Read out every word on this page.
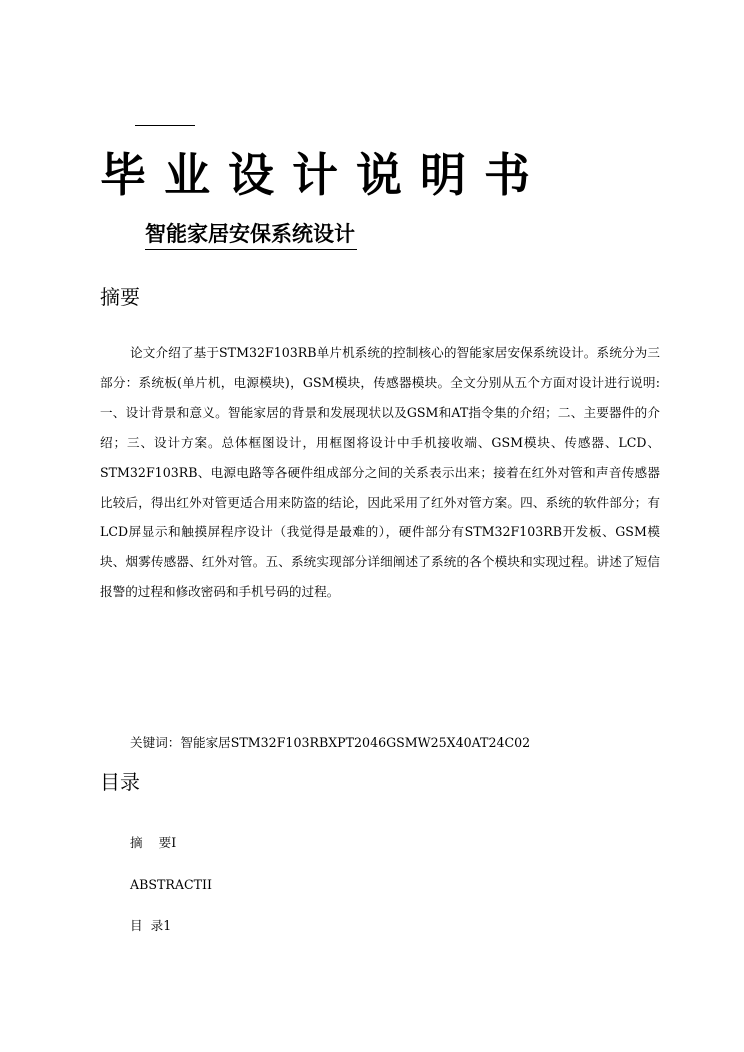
毕业设计说明书
智能家居安保系统设计
摘要

论文介绍了基于STM32F103RB单片机系统的控制核心的智能家居安保系统设计。系统分为三部分：系统板(单片机，电源模块)，GSM模块，传感器模块。全文分别从五个方面对设计进行说明:一、设计背景和意义。智能家居的背景和发展现状以及GSM和AT指令集的介绍；二、主要器件的介绍；三、设计方案。总体框图设计，用框图将设计中手机接收端、GSM模块、传感器、LCD、STM32F103RB、电源电路等各硬件组成部分之间的关系表示出来；接着在红外对管和声音传感器比较后，得出红外对管更适合用来防盗的结论，因此采用了红外对管方案。四、系统的软件部分；有LCD屏显示和触摸屏程序设计（我觉得是最难的），硬件部分有STM32F103RB开发板、GSM模块、烟雾传感器、红外对管。五、系统实现部分详细阐述了系统的各个模块和实现过程。讲述了短信报警的过程和修改密码和手机号码的过程。

关键词：智能家居STM32F103RBXPT2046GSMW25X40AT24C02
目录
摘    要I
ABSTRACTII
目  录1
